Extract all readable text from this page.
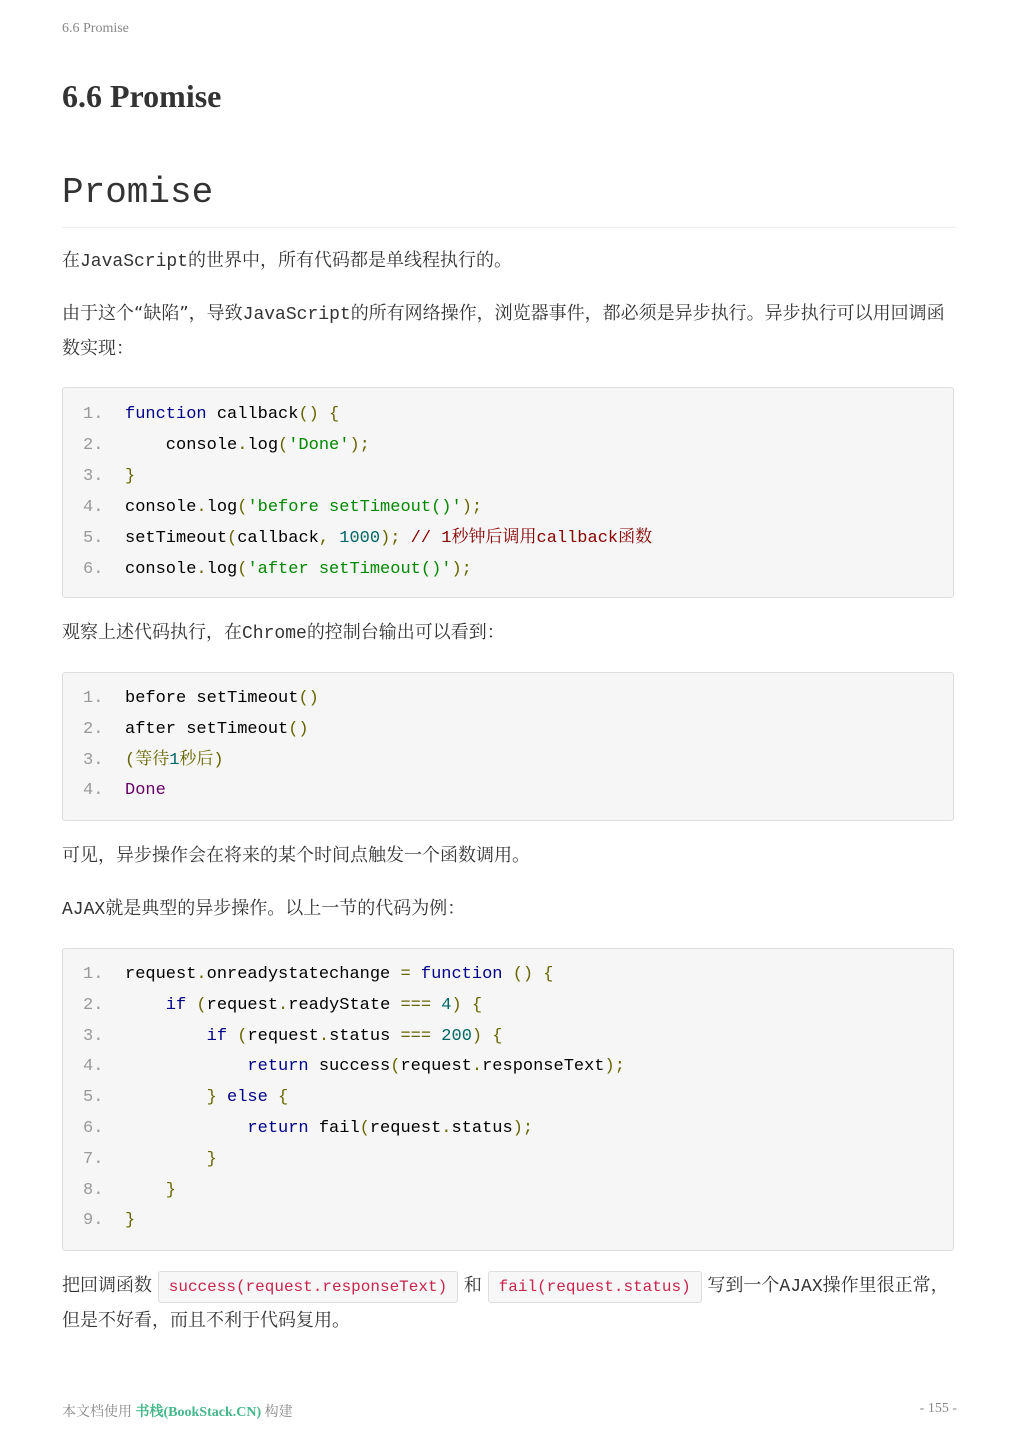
6.6 Promise
6.6 Promise
Promise

在JavaScript的世界中，所有代码都是单线程执行的。

由于这个“缺陷”，导致JavaScript的所有网络操作，浏览器事件，都必须是异步执行。异步执行可以用回调函数实现：

1. function callback() {
2.    console.log('Done');
3. }
4. console.log('before setTimeout()');
5. setTimeout(callback, 1000); // 1秒钟后调用callback函数
6. console.log('after setTimeout()');

观察上述代码执行，在Chrome的控制台输出可以看到：

1. before setTimeout()
2. after setTimeout()
3. (等待1秒后)
4. Done

可见，异步操作会在将来的某个时间点触发一个函数调用。

AJAX就是典型的异步操作。以上一节的代码为例：

1. request.onreadystatechange = function () {
2.    if (request.readyState === 4) {
3.        if (request.status === 200) {
4.            return success(request.responseText);
5.        } else {
6.            return fail(request.status);
7.        }
8.    }
9. }

把回调函数 success(request.responseText) 和 fail(request.status) 写到一个AJAX操作里很正常，但是不好看，而且不利于代码复用。

本文档使用 书栈(BookStack.CN) 构建	- 155 -
